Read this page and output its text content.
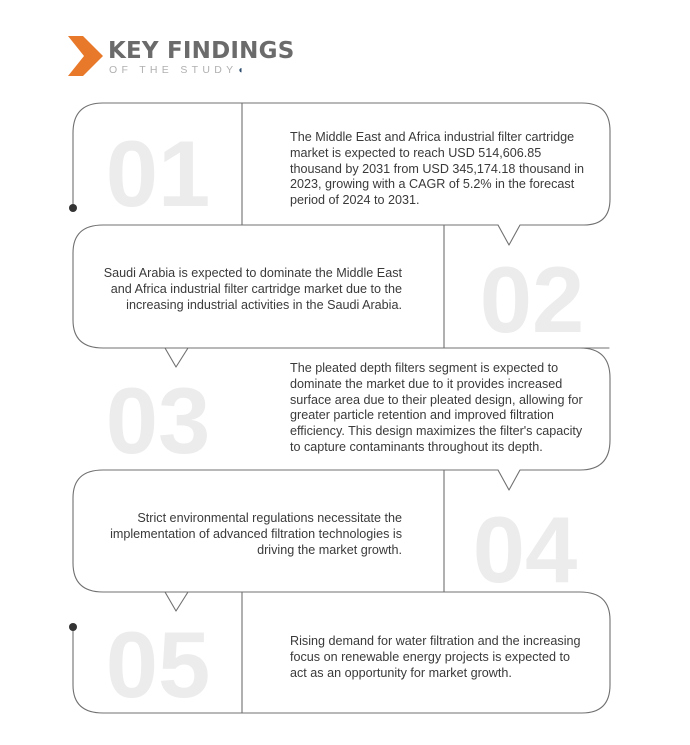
KEY FINDINGS
OF THE STUDY◖
01
02
03
04
05

The Middle East and Africa industrial filter cartridge market is expected to reach USD 514,606.85 thousand by 2031 from USD 345,174.18 thousand in 2023, growing with a CAGR of 5.2% in the forecast period of 2024 to 2031.

Saudi Arabia is expected to dominate the Middle East and Africa industrial filter cartridge market due to the increasing industrial activities in the Saudi Arabia.

The pleated depth filters segment is expected to dominate the market due to it provides increased surface area due to their pleated design, allowing for greater particle retention and improved filtration efficiency. This design maximizes the filter's capacity to capture contaminants throughout its depth.

Strict environmental regulations necessitate the implementation of advanced filtration technologies is driving the market growth.

Rising demand for water filtration and the increasing focus on renewable energy projects is expected to act as an opportunity for market growth.
